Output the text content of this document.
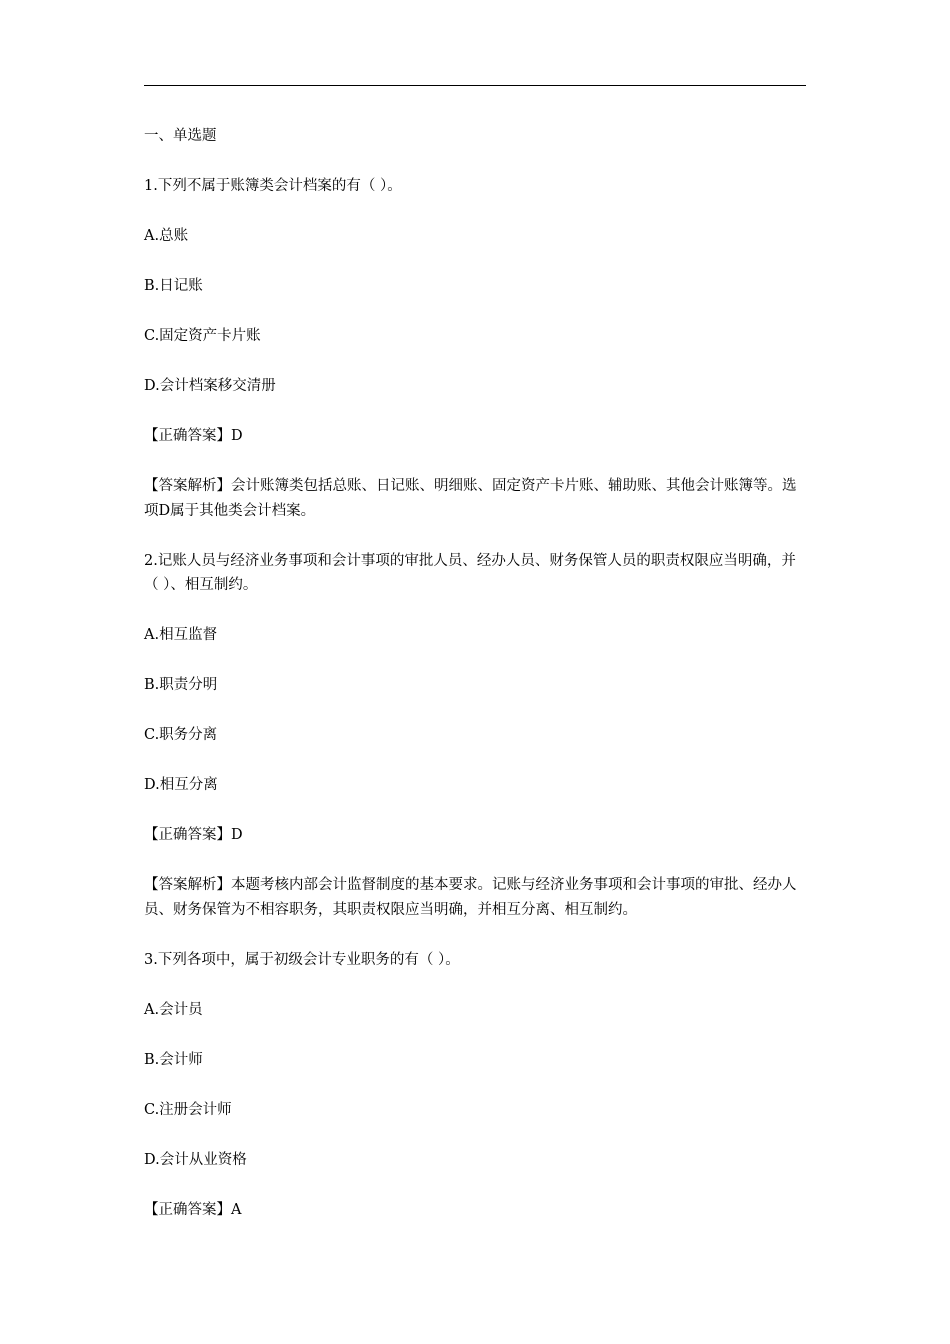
一、单选题

1.下列不属于账簿类会计档案的有（ ）。

A.总账

B.日记账

C.固定资产卡片账

D.会计档案移交清册

【正确答案】D

【答案解析】会计账簿类包括总账、日记账、明细账、固定资产卡片账、辅助账、其他会计账簿等。选项D属于其他类会计档案。

2.记账人员与经济业务事项和会计事项的审批人员、经办人员、财务保管人员的职责权限应当明确，并（ ）、相互制约。

A.相互监督

B.职责分明

C.职务分离

D.相互分离

【正确答案】D

【答案解析】本题考核内部会计监督制度的基本要求。记账与经济业务事项和会计事项的审批、经办人员、财务保管为不相容职务，其职责权限应当明确，并相互分离、相互制约。

3.下列各项中，属于初级会计专业职务的有（ ）。

A.会计员

B.会计师

C.注册会计师

D.会计从业资格

【正确答案】A
